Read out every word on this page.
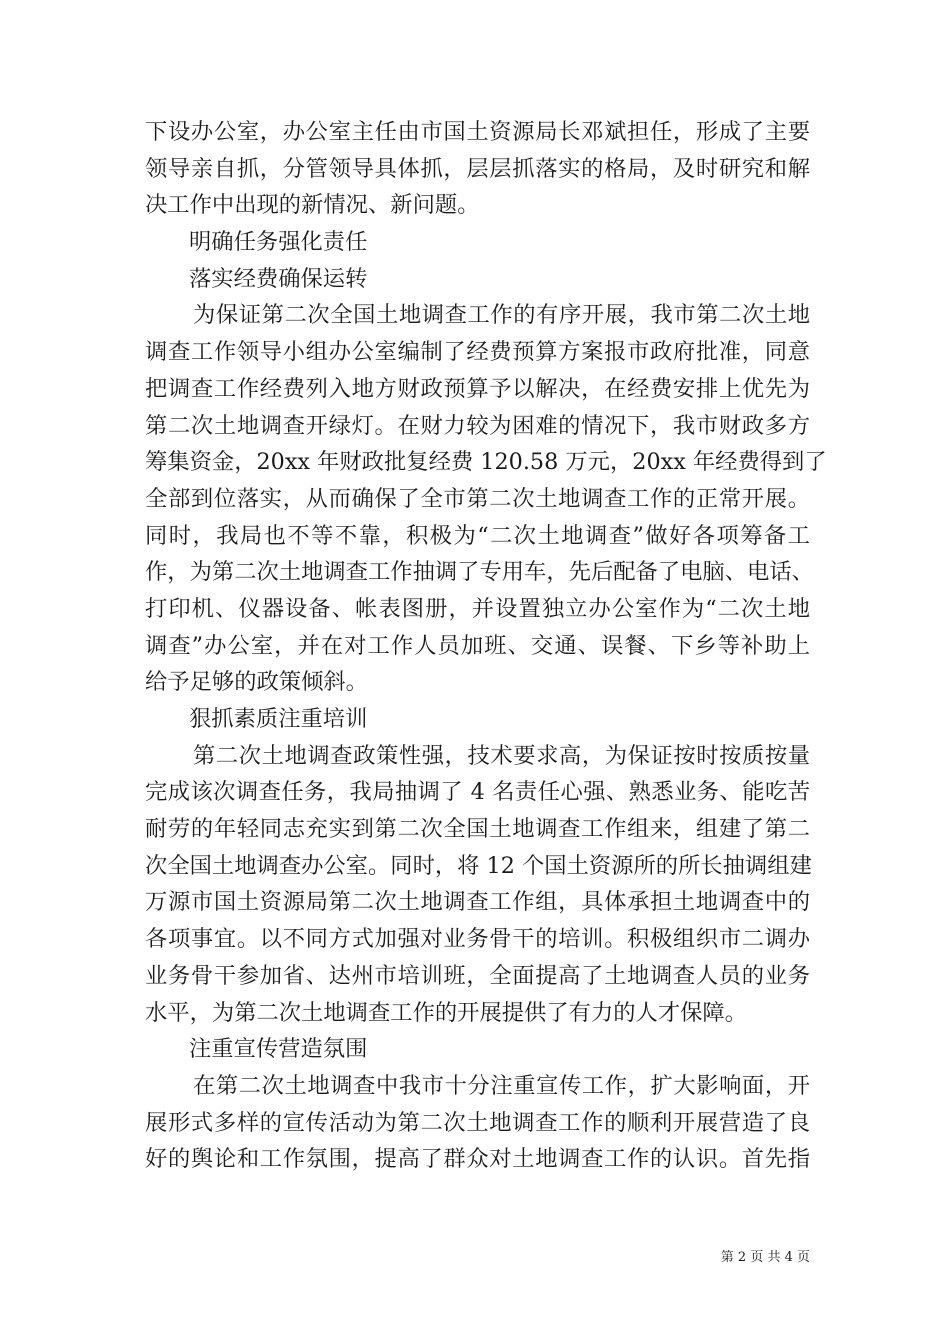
下设办公室，办公室主任由市国土资源局长邓斌担任，形成了主要
领导亲自抓，分管领导具体抓，层层抓落实的格局，及时研究和解
决工作中出现的新情况、新问题。
明确任务强化责任
落实经费确保运转
为保证第二次全国土地调查工作的有序开展，我市第二次土地
调查工作领导小组办公室编制了经费预算方案报市政府批准，同意
把调查工作经费列入地方财政预算予以解决，在经费安排上优先为
第二次土地调查开绿灯。在财力较为困难的情况下，我市财政多方
筹集资金，20xx 年财政批复经费 120.58 万元，20xx 年经费得到了
全部到位落实，从而确保了全市第二次土地调查工作的正常开展。
同时，我局也不等不靠，积极为“二次土地调查”做好各项筹备工
作，为第二次土地调查工作抽调了专用车，先后配备了电脑、电话、
打印机、仪器设备、帐表图册，并设置独立办公室作为“二次土地
调查”办公室，并在对工作人员加班、交通、误餐、下乡等补助上
给予足够的政策倾斜。
狠抓素质注重培训
第二次土地调查政策性强，技术要求高，为保证按时按质按量
完成该次调查任务，我局抽调了 4 名责任心强、熟悉业务、能吃苦
耐劳的年轻同志充实到第二次全国土地调查工作组来，组建了第二
次全国土地调查办公室。同时，将 12 个国土资源所的所长抽调组建
万源市国土资源局第二次土地调查工作组，具体承担土地调查中的
各项事宜。以不同方式加强对业务骨干的培训。积极组织市二调办
业务骨干参加省、达州市培训班，全面提高了土地调查人员的业务
水平，为第二次土地调查工作的开展提供了有力的人才保障。
注重宣传营造氛围
在第二次土地调查中我市十分注重宣传工作，扩大影响面，开
展形式多样的宣传活动为第二次土地调查工作的顺利开展营造了良
好的舆论和工作氛围，提高了群众对土地调查工作的认识。首先指
第 2 页 共 4 页
